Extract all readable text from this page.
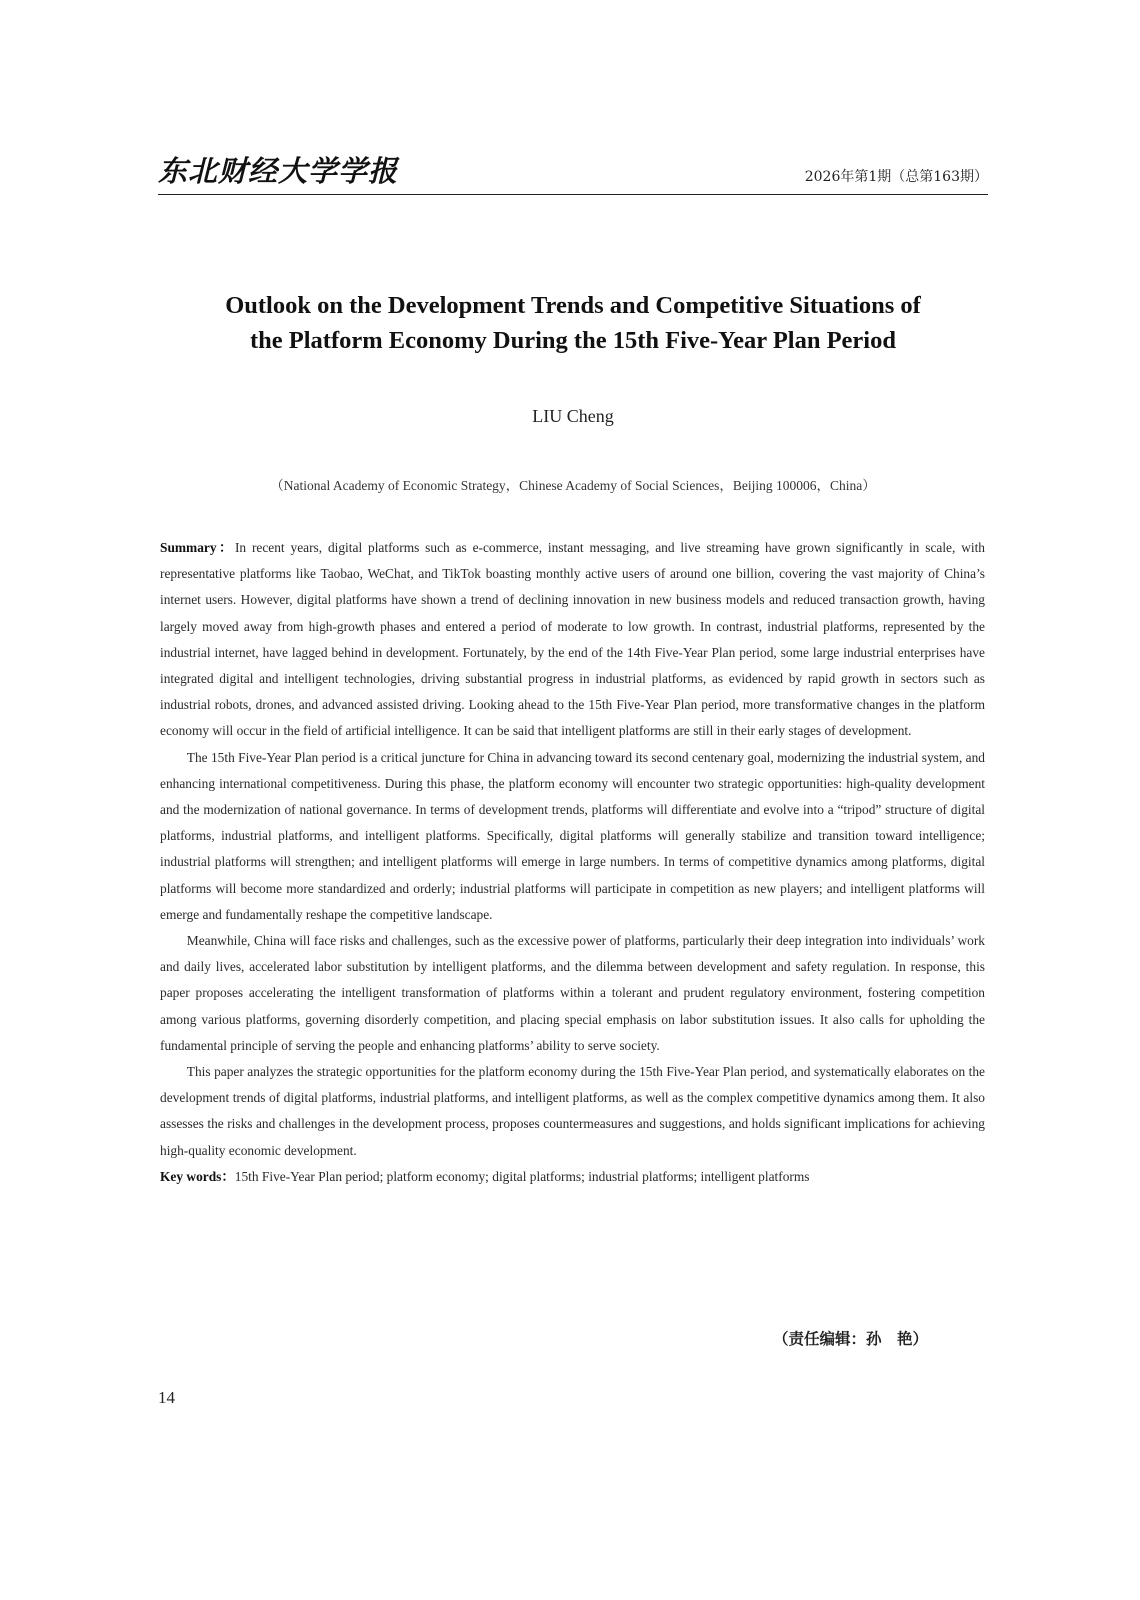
东北财经大学学报	2026年第1期（总第163期）
Outlook on the Development Trends and Competitive Situations of
the Platform Economy During the 15th Five-Year Plan Period
LIU Cheng
（National Academy of Economic Strategy，Chinese Academy of Social Sciences，Beijing 100006，China）

Summary：In recent years, digital platforms such as e-commerce, instant messaging, and live streaming have grown significantly in scale, with representative platforms like Taobao, WeChat, and TikTok boasting monthly active users of around one billion, covering the vast majority of China’s internet users. However, digital platforms have shown a trend of declining innovation in new business models and reduced transaction growth, having largely moved away from high-growth phases and entered a period of moderate to low growth. In contrast, industrial platforms, represented by the industrial internet, have lagged behind in development. Fortunately, by the end of the 14th Five-Year Plan period, some large industrial enterprises have integrated digital and intelligent technologies, driving substantial progress in industrial platforms, as evidenced by rapid growth in sectors such as industrial robots, drones, and advanced assisted driving. Looking ahead to the 15th Five-Year Plan period, more transformative changes in the platform economy will occur in the field of artificial intelligence. It can be said that intelligent platforms are still in their early stages of development.

The 15th Five-Year Plan period is a critical juncture for China in advancing toward its second centenary goal, modernizing the industrial system, and enhancing international competitiveness. During this phase, the platform economy will encounter two strategic opportunities: high-quality development and the modernization of national governance. In terms of development trends, platforms will differentiate and evolve into a “tripod” structure of digital platforms, industrial platforms, and intelligent platforms. Specifically, digital platforms will generally stabilize and transition toward intelligence; industrial platforms will strengthen; and intelligent platforms will emerge in large numbers. In terms of competitive dynamics among platforms, digital platforms will become more standardized and orderly; industrial platforms will participate in competition as new players; and intelligent platforms will emerge and fundamentally reshape the competitive landscape.

Meanwhile, China will face risks and challenges, such as the excessive power of platforms, particularly their deep integration into individuals’ work and daily lives, accelerated labor substitution by intelligent platforms, and the dilemma between development and safety regulation. In response, this paper proposes accelerating the intelligent transformation of platforms within a tolerant and prudent regulatory environment, fostering competition among various platforms, governing disorderly competition, and placing special emphasis on labor substitution issues. It also calls for upholding the fundamental principle of serving the people and enhancing platforms’ ability to serve society.

This paper analyzes the strategic opportunities for the platform economy during the 15th Five-Year Plan period, and systematically elaborates on the development trends of digital platforms, industrial platforms, and intelligent platforms, as well as the complex competitive dynamics among them. It also assesses the risks and challenges in the development process, proposes countermeasures and suggestions, and holds significant implications for achieving high-quality economic development.

Key words：15th Five-Year Plan period; platform economy; digital platforms; industrial platforms; intelligent platforms

（责任编辑：孙　艳）
14
